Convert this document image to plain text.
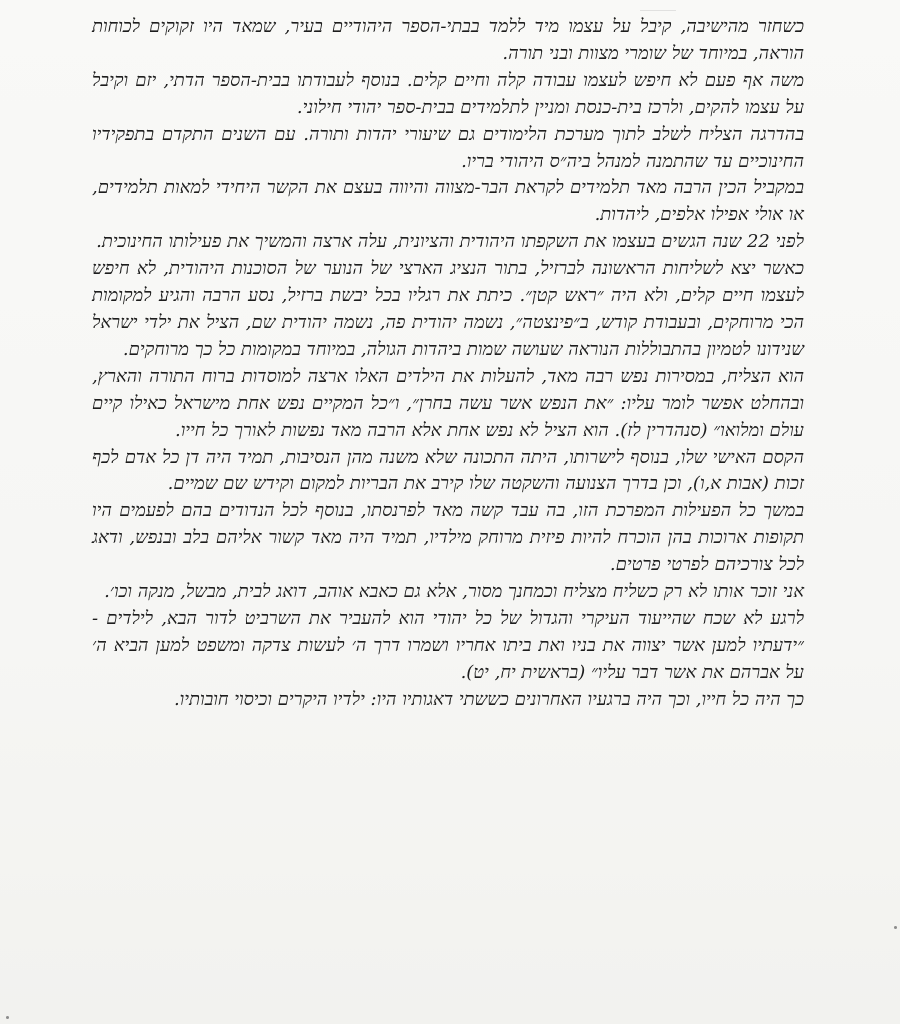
כשחזר מהישיבה, קיבל על עצמו מיד ללמד בבתי-הספר היהודיים בעיר, שמאד היו זקוקים לכוחות הוראה, במיוחד של שומרי מצוות ובני תורה.

משה אף פעם לא חיפש לעצמו עבודה קלה וחיים קלים. בנוסף לעבודתו בבית-הספר הדתי, יזם וקיבל על עצמו להקים, ולרכז בית-כנסת ומניין לתלמידים בבית-ספר יהודי חילוני.

בהדרגה הצליח לשלב לתוך מערכת הלימודים גם שיעורי יהדות ותורה. עם השנים התקדם בתפקידיו החינוכיים עד שהתמנה למנהל ביה״ס היהודי בריו.

במקביל הכין הרבה מאד תלמידים לקראת הבר-מצווה והיווה בעצם את הקשר היחידי למאות תלמידים, או אולי אפילו אלפים, ליהדות.

לפני 22 שנה הגשים בעצמו את השקפתו היהודית והציונית, עלה ארצה והמשיך את פעילותו החינוכית.

כאשר יצא לשליחות הראשונה לברזיל, בתור הנציג הארצי של הנוער של הסוכנות היהודית, לא חיפש לעצמו חיים קלים, ולא היה ״ראש קטן״. כיתת את רגליו בכל יבשת ברזיל, נסע הרבה והגיע למקומות הכי מרוחקים, ובעבודת קודש, ב״פינצטה״, נשמה יהודית פה, נשמה יהודית שם, הציל את ילדי ישראל שנידונו לטמיון בהתבוללות הנוראה שעושה שמות ביהדות הגולה, במיוחד במקומות כל כך מרוחקים.

הוא הצליח, במסירות נפש רבה מאד, להעלות את הילדים האלו ארצה למוסדות ברוח התורה והארץ, ובהחלט אפשר לומר עליו: ״את הנפש אשר עשה בחרן״, ו״כל המקיים נפש אחת מישראל כאילו קיים עולם ומלואו״ (סנהדרין לז). הוא הציל לא נפש אחת אלא הרבה מאד נפשות לאורך כל חייו.

הקסם האישי שלו, בנוסף לישרותו, היתה התכונה שלא משנה מהן הנסיבות, תמיד היה דן כל אדם לכף זכות (אבות א,ו), וכן בדרך הצנועה והשקטה שלו קירב את הבריות למקום וקידש שם שמיים.

במשך כל הפעילות המפרכת הזו, בה עבד קשה מאד לפרנסתו, בנוסף לכל הנדודים בהם לפעמים היו תקופות ארוכות בהן הוכרח להיות פיזית מרוחק מילדיו, תמיד היה מאד קשור אליהם בלב ובנפש, ודאג לכל צורכיהם לפרטי פרטים.

אני זוכר אותו לא רק כשליח מצליח וכמחנך מסור, אלא גם כאבא אוהב, דואג לבית, מבשל, מנקה וכו׳.

לרגע לא שכח שהייעוד העיקרי והגדול של כל יהודי הוא להעביר את השרביט לדור הבא, לילדים - ״ידעתיו למען אשר יצווה את בניו ואת ביתו אחריו ושמרו דרך ה׳ לעשות צדקה ומשפט למען הביא ה׳ על אברהם את אשר דבר עליו״ (בראשית יח, יט).

כך היה כל חייו, וכך היה ברגעיו האחרונים כששתי דאגותיו היו: ילדיו היקרים וכיסוי חובותיו.
